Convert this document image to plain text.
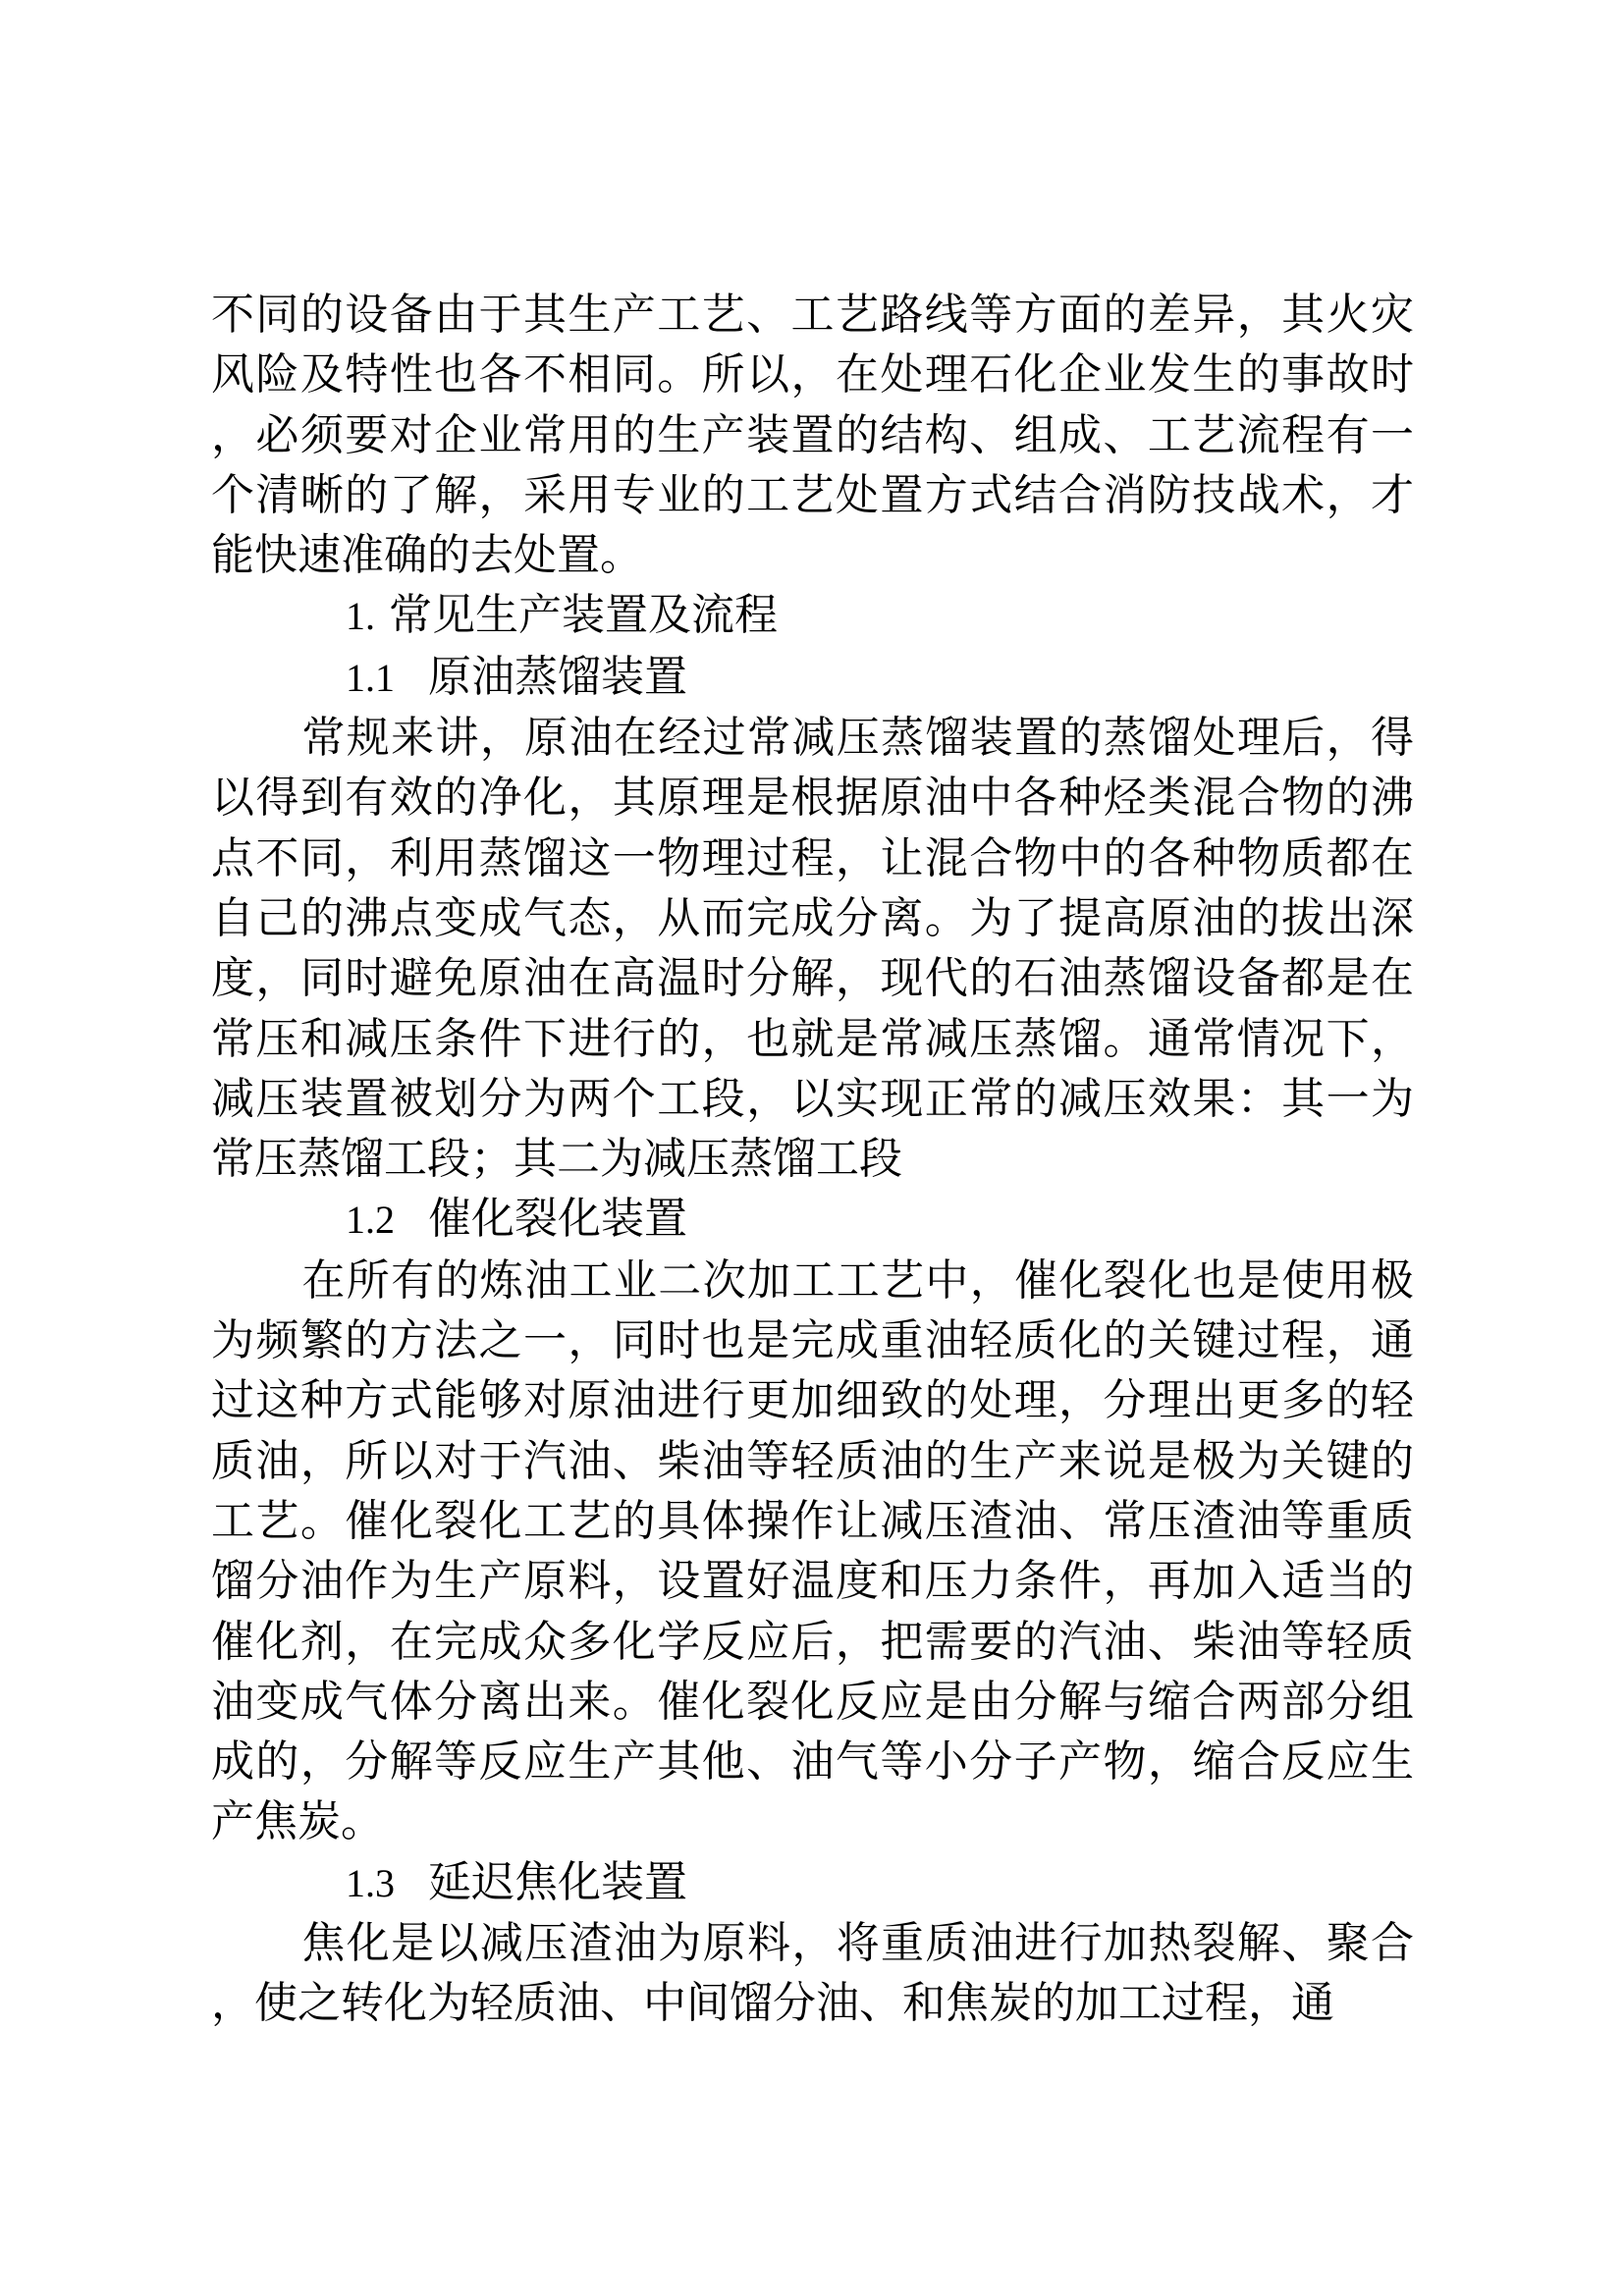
不同的设备由于其生产工艺、工艺路线等方面的差异，其火灾风险及特性也各不相同。所以，在处理石化企业发生的事故时，必须要对企业常用的生产装置的结构、组成、工艺流程有一个清晰的了解，采用专业的工艺处置方式结合消防技战术，才能快速准确的去处置。

1. 常见生产装置及流程

1.1 原油蒸馏装置

常规来讲，原油在经过常减压蒸馏装置的蒸馏处理后，得以得到有效的净化，其原理是根据原油中各种烃类混合物的沸点不同，利用蒸馏这一物理过程，让混合物中的各种物质都在自己的沸点变成气态，从而完成分离。为了提高原油的拔出深度，同时避免原油在高温时分解，现代的石油蒸馏设备都是在常压和减压条件下进行的，也就是常减压蒸馏。通常情况下，减压装置被划分为两个工段，以实现正常的减压效果：其一为常压蒸馏工段；其二为减压蒸馏工段

1.2 催化裂化装置

在所有的炼油工业二次加工工艺中，催化裂化也是使用极为频繁的方法之一，同时也是完成重油轻质化的关键过程，通过这种方式能够对原油进行更加细致的处理，分理出更多的轻质油，所以对于汽油、柴油等轻质油的生产来说是极为关键的工艺。催化裂化工艺的具体操作让减压渣油、常压渣油等重质馏分油作为生产原料，设置好温度和压力条件，再加入适当的催化剂，在完成众多化学反应后，把需要的汽油、柴油等轻质油变成气体分离出来。催化裂化反应是由分解与缩合两部分组成的，分解等反应生产其他、油气等小分子产物，缩合反应生产焦炭。

1.3 延迟焦化装置

焦化是以减压渣油为原料，将重质油进行加热裂解、聚合，使之转化为轻质油、中间馏分油、和焦炭的加工过程，通
